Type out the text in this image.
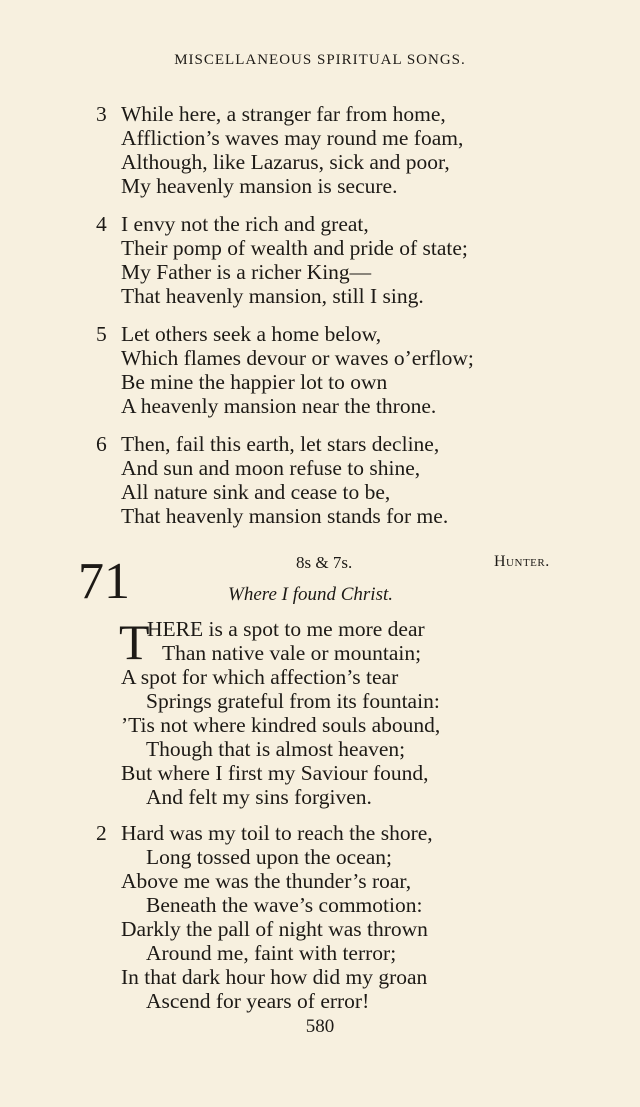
MISCELLANEOUS SPIRITUAL SONGS.
3 While here, a stranger far from home,
Affliction’s waves may round me foam,
Although, like Lazarus, sick and poor,
My heavenly mansion is secure.
4 I envy not the rich and great,
Their pomp of wealth and pride of state;
My Father is a richer King—
That heavenly mansion, still I sing.
5 Let others seek a home below,
Which flames devour or waves o’erflow;
Be mine the happier lot to own
A heavenly mansion near the throne.
6 Then, fail this earth, let stars decline,
And sun and moon refuse to shine,
All nature sink and cease to be,
That heavenly mansion stands for me.
71	8s & 7s.	Hunter.
Where I found Christ.
T
HERE is a spot to me more dear
Than native vale or mountain;
A spot for which affection’s tear
Springs grateful from its fountain:
’Tis not where kindred souls abound,
Though that is almost heaven;
But where I first my Saviour found,
And felt my sins forgiven.
2 Hard was my toil to reach the shore,
Long tossed upon the ocean;
Above me was the thunder’s roar,
Beneath the wave’s commotion:
Darkly the pall of night was thrown
Around me, faint with terror;
In that dark hour how did my groan
Ascend for years of error!
580
